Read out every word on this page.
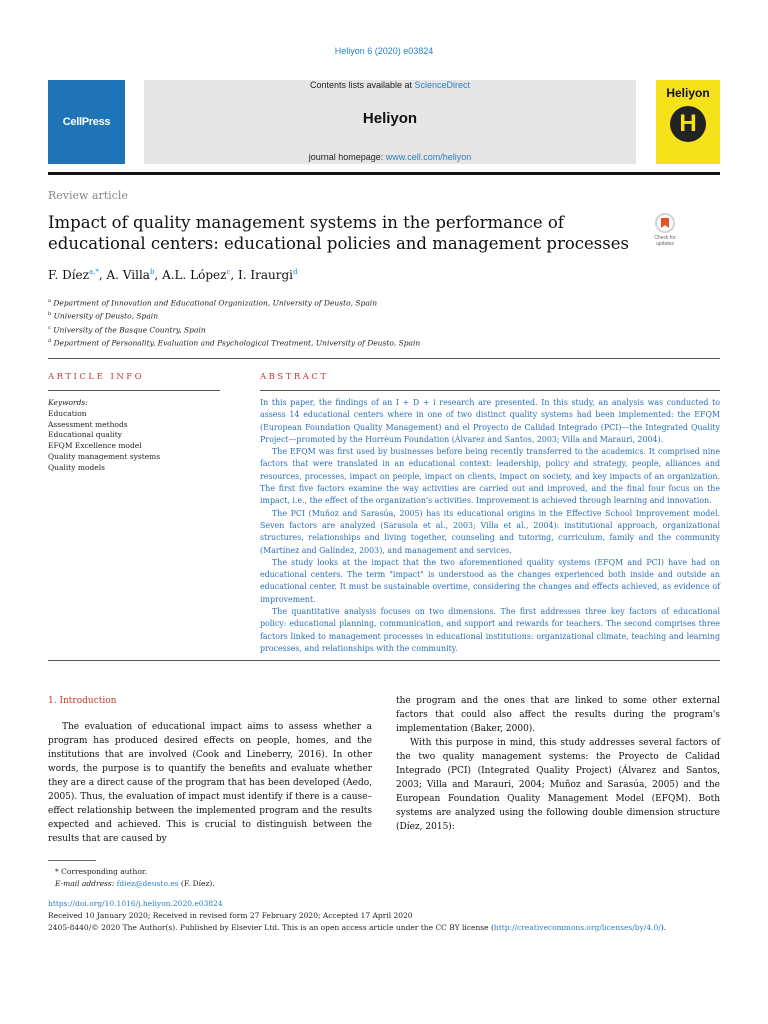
Heliyon 6 (2020) e03824
CellPress
Contents lists available at ScienceDirect
Heliyon
journal homepage: www.cell.com/heliyon
Heliyon
H
Review article
Impact of quality management systems in the performance of educational centers: educational policies and management processes	Check for updates
F. Díez$^{a,*}$, A. Villa$^b$, A.L. López$^c$, I. Iraurgi$^d$
$^a$ Department of Innovation and Educational Organization, University of Deusto, Spain
$^b$ University of Deusto, Spain
$^c$ University of the Basque Country, Spain
$^d$ Department of Personality, Evaluation and Psychological Treatment, University of Deusto, Spain
ARTICLE INFO	ABSTRACT
Keywords:
Education
Assessment methods
Educational quality
EFQM Excellence model
Quality management systems
Quality models

In this paper, the findings of an I + D + i research are presented. In this study, an analysis was conducted to assess 14 educational centers where in one of two distinct quality systems had been implemented: the EFQM (European Foundation Quality Management) and el Proyecto de Calidad Integrado (PCI)—the Integrated Quality Project—promoted by the Horrèum Foundation (Álvarez and Santos, 2003; Villa and Marauri, 2004).

The EFQM was first used by businesses before being recently transferred to the academics. It comprised nine factors that were translated in an educational context: leadership, policy and strategy, people, alliances and resources, processes, impact on people, impact on clients, impact on society, and key impacts of an organization. The first five factors examine the way activities are carried out and improved, and the final four focus on the impact, i.e., the effect of the organization's activities. Improvement is achieved through learning and innovation.

The PCI (Muñoz and Sarasúa, 2005) has its educational origins in the Effective School Improvement model. Seven factors are analyzed (Sarasola et al., 2003; Villa et al., 2004): institutional approach, organizational structures, relationships and living together, counseling and tutoring, curriculum, family and the community (Martínez and Galíndez, 2003), and management and services.

The study looks at the impact that the two aforementioned quality systems (EFQM and PCI) have had on educational centers. The term "impact" is understood as the changes experienced both inside and outside an educational center. It must be sustainable overtime, considering the changes and effects achieved, as evidence of improvement.

The quantitative analysis focuses on two dimensions. The first addresses three key factors of educational policy: educational planning, communication, and support and rewards for teachers. The second comprises three factors linked to management processes in educational institutions: organizational climate, teaching and learning processes, and relationships with the community.

1. Introduction

The evaluation of educational impact aims to assess whether a program has produced desired effects on people, homes, and the institutions that are involved (Cook and Lineberry, 2016). In other words, the purpose is to quantify the benefits and evaluate whether they are a direct cause of the program that has been developed (Aedo, 2005). Thus, the evaluation of impact must identify if there is a cause–effect relationship between the implemented program and the results expected and achieved. This is crucial to distinguish between the results that are caused by

the program and the ones that are linked to some other external factors that could also affect the results during the program's implementation (Baker, 2000).

With this purpose in mind, this study addresses several factors of the two quality management systems: the Proyecto de Calidad Integrado (PCI) (Integrated Quality Project) (Álvarez and Santos, 2003; Villa and Marauri, 2004; Muñoz and Sarasúa, 2005) and the European Foundation Quality Management Model (EFQM). Both systems are analyzed using the following double dimension structure (Díez, 2015):

* Corresponding author.
E-mail address: fdiez@deusto.es (F. Díez).
https://doi.org/10.1016/j.heliyon.2020.e03824
Received 10 January 2020; Received in revised form 27 February 2020; Accepted 17 April 2020
2405-8440/© 2020 The Author(s). Published by Elsevier Ltd. This is an open access article under the CC BY license (http://creativecommons.org/licenses/by/4.0/).
